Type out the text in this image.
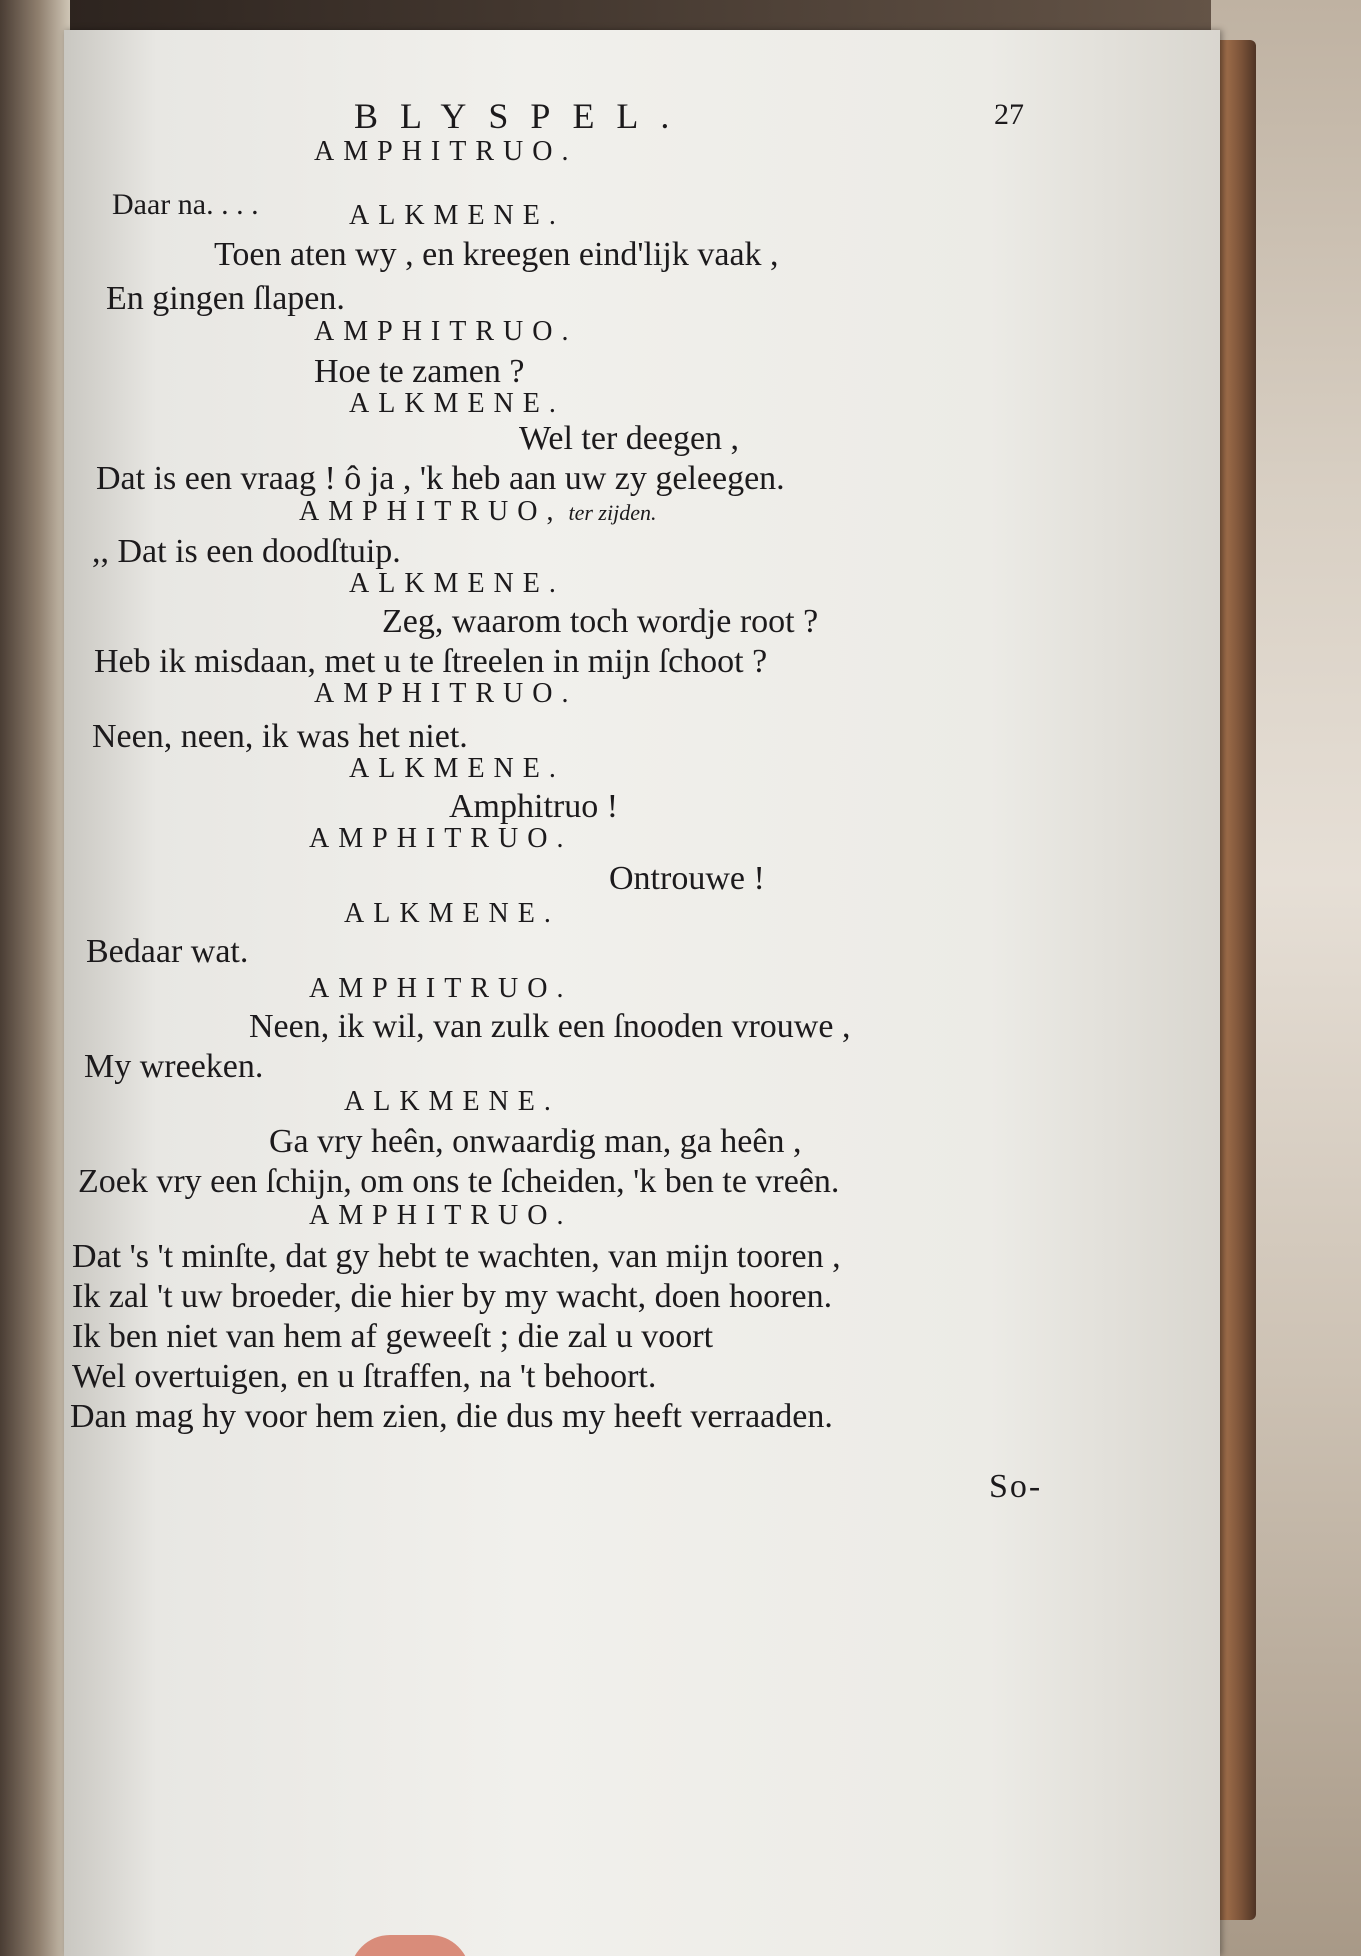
BLYSPEL.	27
AMPHITRUO.
Daar na. . . .	ALKMENE.
Toen aten wy , en kreegen eind'lijk vaak ,
En gingen ſlapen.
AMPHITRUO.
Hoe te zamen ?
ALKMENE.
Wel ter deegen ,
Dat is een vraag ! ô ja , 'k heb aan uw zy geleegen.
AMPHITRUO, ter zijden.
,, Dat is een doodſtuip.
ALKMENE.
Zeg, waarom toch wordje root ?
Heb ik misdaan, met u te ſtreelen in mijn ſchoot ?
AMPHITRUO.
Neen, neen, ik was het niet.
ALKMENE.
Amphitruo !
AMPHITRUO.
Ontrouwe !
ALKMENE.
Bedaar wat.
AMPHITRUO.
Neen, ik wil, van zulk een ſnooden vrouwe ,
My wreeken.
ALKMENE.
Ga vry heên, onwaardig man, ga heên ,
Zoek vry een ſchijn, om ons te ſcheiden, 'k ben te vreên.
AMPHITRUO.
Dat 's 't minſte, dat gy hebt te wachten, van mijn tooren ,
Ik zal 't uw broeder, die hier by my wacht, doen hooren.
Ik ben niet van hem af geweeſt ; die zal u voort
Wel overtuigen, en u ſtraffen, na 't behoort.
Dan mag hy voor hem zien, die dus my heeft verraaden.
So-
